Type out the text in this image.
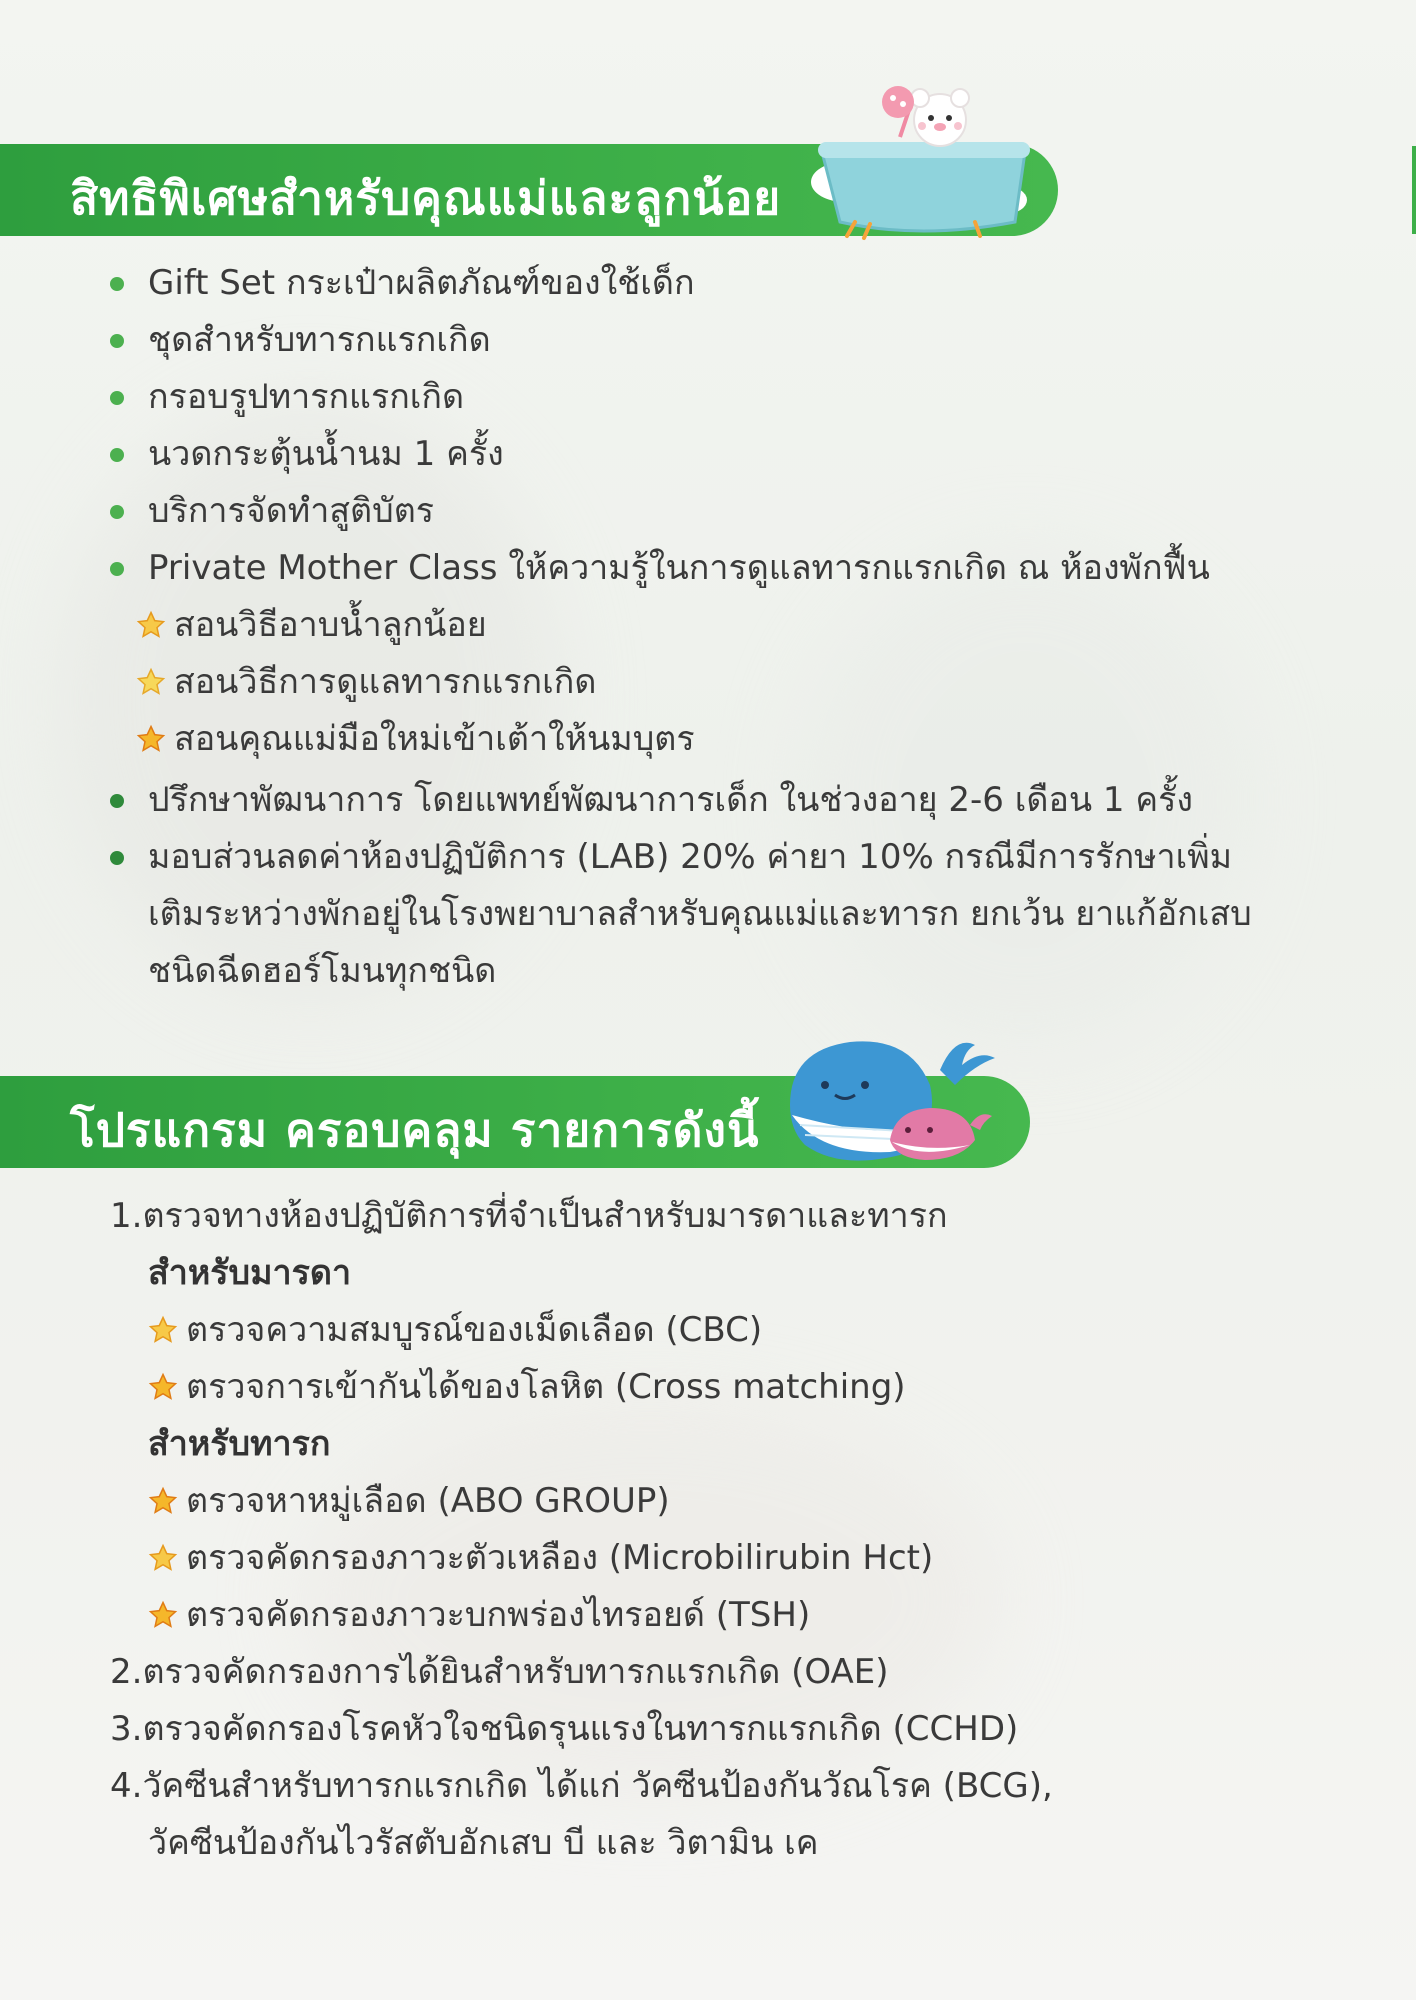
สิทธิพิเศษสำหรับคุณแม่และลูกน้อย
Gift Set กระเป๋าผลิตภัณฑ์ของใช้เด็ก
ชุดสำหรับทารกแรกเกิด
กรอบรูปทารกแรกเกิด
นวดกระตุ้นน้ำนม 1 ครั้ง
บริการจัดทำสูติบัตร
Private Mother Class ให้ความรู้ในการดูแลทารกแรกเกิด ณ ห้องพักฟื้น
สอนวิธีอาบน้ำลูกน้อย
สอนวิธีการดูแลทารกแรกเกิด
สอนคุณแม่มือใหม่เข้าเต้าให้นมบุตร
ปรึกษาพัฒนาการ โดยแพทย์พัฒนาการเด็ก ในช่วงอายุ 2-6 เดือน 1 ครั้ง
มอบส่วนลดค่าห้องปฏิบัติการ (LAB) 20% ค่ายา 10% กรณีมีการรักษาเพิ่ม
เติมระหว่างพักอยู่ในโรงพยาบาลสำหรับคุณแม่และทารก ยกเว้น ยาแก้อักเสบ
ชนิดฉีดฮอร์โมนทุกชนิด
โปรแกรม ครอบคลุม รายการดังนี้
1.ตรวจทางห้องปฏิบัติการที่จำเป็นสำหรับมารดาและทารก
สำหรับมารดา
ตรวจความสมบูรณ์ของเม็ดเลือด (CBC)
ตรวจการเข้ากันได้ของโลหิต (Cross matching)
สำหรับทารก
ตรวจหาหมู่เลือด (ABO GROUP)
ตรวจคัดกรองภาวะตัวเหลือง (Microbilirubin Hct)
ตรวจคัดกรองภาวะบกพร่องไทรอยด์ (TSH)
2.ตรวจคัดกรองการได้ยินสำหรับทารกแรกเกิด (OAE)
3.ตรวจคัดกรองโรคหัวใจชนิดรุนแรงในทารกแรกเกิด (CCHD)
4.วัคซีนสำหรับทารกแรกเกิด ได้แก่ วัคซีนป้องกันวัณโรค (BCG),
วัคซีนป้องกันไวรัสตับอักเสบ บี และ วิตามิน เค
